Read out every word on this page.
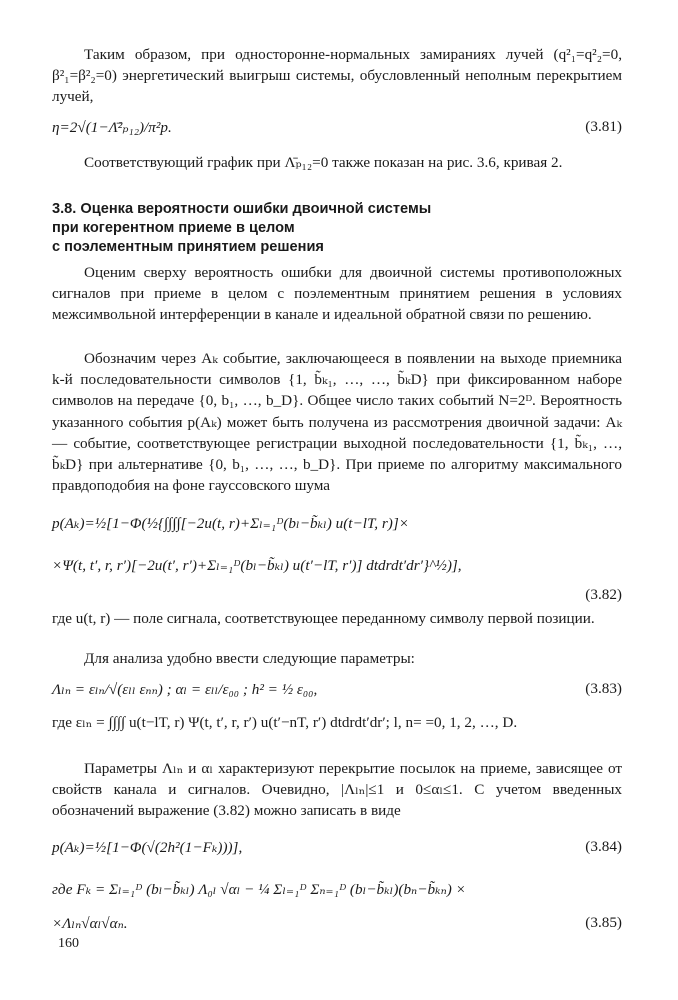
Таким образом, при односторонне-нормальных замираниях лучей (q²₁=q²₂=0, β²₁=β²₂=0) энергетический выигрыш системы, обусловленный неполным перекрытием лучей,

η=2√(1−Λ̄²ₚ₁₂)/π²p.	(3.81)

Соответствующий график при Λ̄ₚ₁₂=0 также показан на рис. 3.6, кривая 2.

3.8. Оценка вероятности ошибки двоичной системы
при когерентном приеме в целом
с поэлементным принятием решения

Оценим сверху вероятность ошибки для двоичной системы противоположных сигналов при приеме в целом с поэлементным принятием решения в условиях межсимвольной интерференции в канале и идеальной обратной связи по решению.

Обозначим через Aₖ событие, заключающееся в появлении на выходе приемника k-й последовательности символов {1, b̃ₖ₁, …, …, b̃ₖD} при фиксированном наборе символов на передаче {0, b₁, …, b_D}. Общее число таких событий N=2ᴰ. Вероятность указанного события p(Aₖ) может быть получена из рассмотрения двоичной задачи: Aₖ — событие, соответствующее регистрации выходной последовательности {1, b̃ₖ₁, …, b̃ₖD} при альтернативе {0, b₁, …, …, b_D}. При приеме по алгоритму максимального правдоподобия на фоне гауссовского шума

p(Aₖ)=½[1−Φ(½{∫∫∫∫[−2u(t, r)+Σₗ₌₁ᴰ(bₗ−b̃ₖₗ) u(t−lT, r)]×
×Ψ(t, t′, r, r′)[−2u(t′, r′)+Σₗ₌₁ᴰ(bₗ−b̃ₖₗ) u(t′−lT, r′)] dtdrdt′dr′}^½)],
(3.82)

где u(t, r) — поле сигнала, соответствующее переданному символу первой позиции.

Для анализа удобно ввести следующие параметры:

Λₗₙ = εₗₙ/√(εₗₗ εₙₙ) ; αₗ = εₗₗ/ε₀₀ ; h² = ½ ε₀₀,	(3.83)

где εₗₙ = ∫∫∫∫ u(t−lT, r) Ψ(t, t′, r, r′) u(t′−nT, r′) dtdrdt′dr′; l, n= =0, 1, 2, …, D.

Параметры Λₗₙ и αₗ характеризуют перекрытие посылок на приеме, зависящее от свойств канала и сигналов. Очевидно, |Λₗₙ|≤1 и 0≤αₗ≤1. С учетом введенных обозначений выражение (3.82) можно записать в виде

p(Aₖ)=½[1−Φ(√(2h²(1−Fₖ)))],	(3.84)
где Fₖ = Σₗ₌₁ᴰ (bₗ−b̃ₖₗ) Λ₀ₗ √αₗ − ¼ Σₗ₌₁ᴰ Σₙ₌₁ᴰ (bₗ−b̃ₖₗ)(bₙ−b̃ₖₙ) ×
×Λₗₙ√αₗ√αₙ.	(3.85)
160
